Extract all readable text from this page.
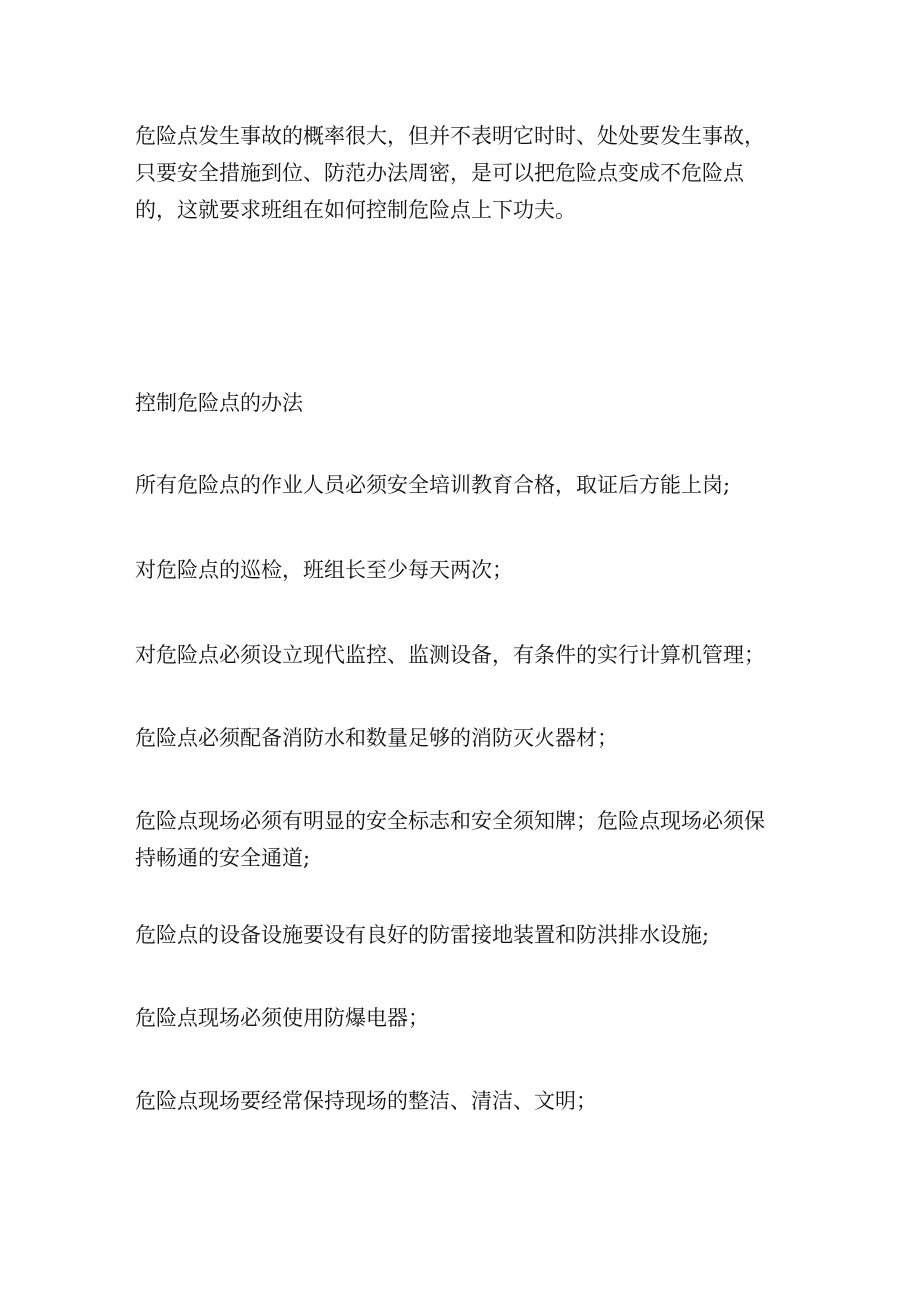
危险点发生事故的概率很大，但并不表明它时时、处处要发生事故，
只要安全措施到位、防范办法周密，是可以把危险点变成不危险点
的，这就要求班组在如何控制危险点上下功夫。

控制危险点的办法

所有危险点的作业人员必须安全培训教育合格，取证后方能上岗;

对危险点的巡检，班组长至少每天两次；

对危险点必须设立现代监控、监测设备，有条件的实行计算机管理；

危险点必须配备消防水和数量足够的消防灭火器材；

危险点现场必须有明显的安全标志和安全须知牌；危险点现场必须保
持畅通的安全通道;

危险点的设备设施要设有良好的防雷接地装置和防洪排水设施;

危险点现场必须使用防爆电器；

危险点现场要经常保持现场的整洁、清洁、文明；
